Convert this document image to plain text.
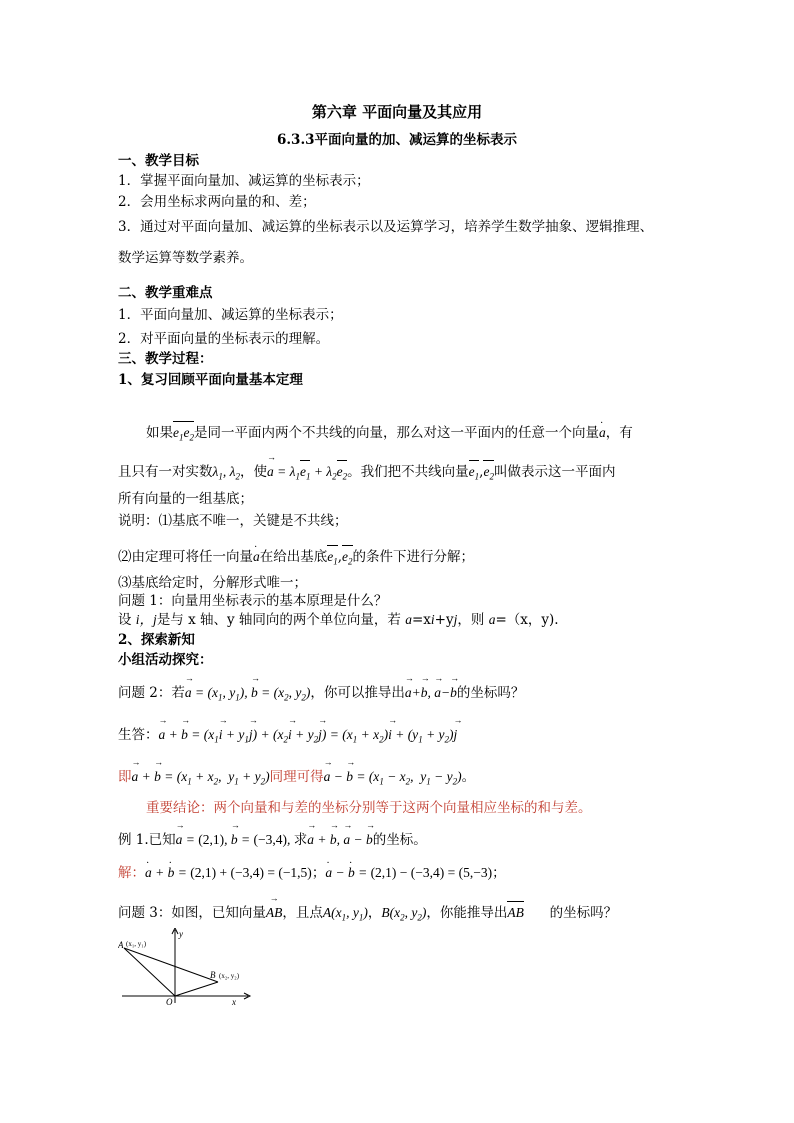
第六章 平面向量及其应用
6.3.3平面向量的加、减运算的坐标表示
一、教学目标
1．掌握平面向量加、减运算的坐标表示；
2．会用坐标求两向量的和、差；
3．通过对平面向量加、减运算的坐标表示以及运算学习，培养学生数学抽象、逻辑推理、
数学运算等数学素养。
二、教学重难点
1．平面向量加、减运算的坐标表示；
2．对平面向量的坐标表示的理解。
三、教学过程：
1、复习回顾平面向量基本定理
如果$e_1e_2$是同一平面内两个不共线的向量，那么对这一平面内的任意一个向量· a，有
且只有一对实数$\lambda_1$, $\lambda_2$，使→ $a = \lambda_1e_1 + \lambda_2e_2$。我们把不共线向量$e_1,e_2$叫做表示这一平面内
所有向量的一组基底；
说明：⑴基底不唯一，关键是不共线；
⑵由定理可将任一向量· a在给出基底$e_1,e_2$的条件下进行分解；
⑶基底给定时，分解形式唯一；
问题 1：向量用坐标表示的基本原理是什么？
设 i，j是与 x 轴、y 轴同向的两个单位向量，若 a=xi+yj，则 a=（x，y).
2、探索新知
小组活动探究：
问题 2：若→ $a = (x_1$, $y_1$), → $b = (x_2$, $y_2$)，你可以推导出→ a+→ b, → a−→ b的坐标吗？
生答：→ a + → $b = (x_1\to i + y_1\to j) + (x_2\to i + y_2\to j) = (x_1 + x_2)\to i + (y_1 + y_2)\to j$
即→ a + → $b = (x_1 + x_2$,  $y_1 + y_2$)同理可得→ a − → $b = (x_1 - x_2$,  $y_1 - y_2$)。
重要结论：两个向量和与差的坐标分别等于这两个向量相应坐标的和与差。
例 1.已知→ a = (2,1), → b = (−3,4), 求→ a + → b, → a − → b的坐标。
解：· a + · b = (2,1) + (−3,4) = (−1,5)；· a − · b = (2,1) − (−3,4) = (5,−3)；
问题 3：如图，已知向量→ AB，且点$A(x_1$, $y_1$)，$B(x_2$, $y_2$)，你能推导出AB 的坐标吗？
A (x₁, y₁)
B (x₂, y₂)
O	x
y
